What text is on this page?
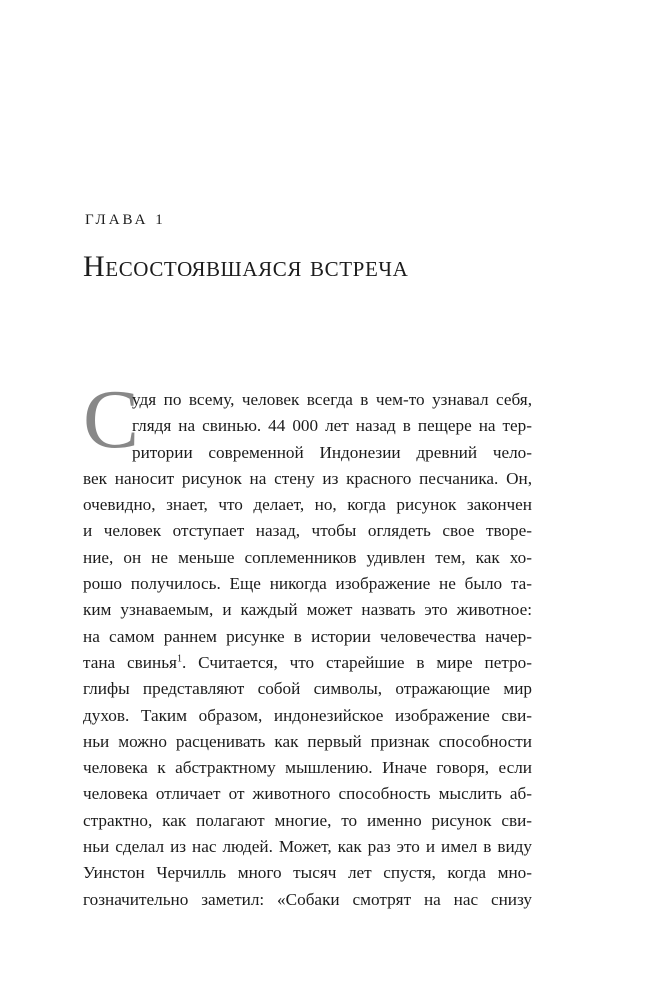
ГЛАВА 1
Несостоявшаяся встреча
С
удя по всему, человек всегда в чем-то узнавал себя,
глядя на свинью. 44 000 лет назад в пещере на тер-
ритории современной Индонезии древний чело-
век наносит рисунок на стену из красного песчаника. Он,
очевидно, знает, что делает, но, когда рисунок закончен
и человек отступает назад, чтобы оглядеть свое творе-
ние, он не меньше соплеменников удивлен тем, как хо-
рошо получилось. Еще никогда изображение не было та-
ким узнаваемым, и каждый может назвать это животное:
на самом раннем рисунке в истории человечества начер-
тана свинья$^1$. Считается, что старейшие в мире петро-
глифы представляют собой символы, отражающие мир
духов. Таким образом, индонезийское изображение сви-
ньи можно расценивать как первый признак способности
человека к абстрактному мышлению. Иначе говоря, если
человека отличает от животного способность мыслить аб-
страктно, как полагают многие, то именно рисунок сви-
ньи сделал из нас людей. Может, как раз это и имел в виду
Уинстон Черчилль много тысяч лет спустя, когда мно-
гозначительно заметил: «Собаки смотрят на нас снизу
